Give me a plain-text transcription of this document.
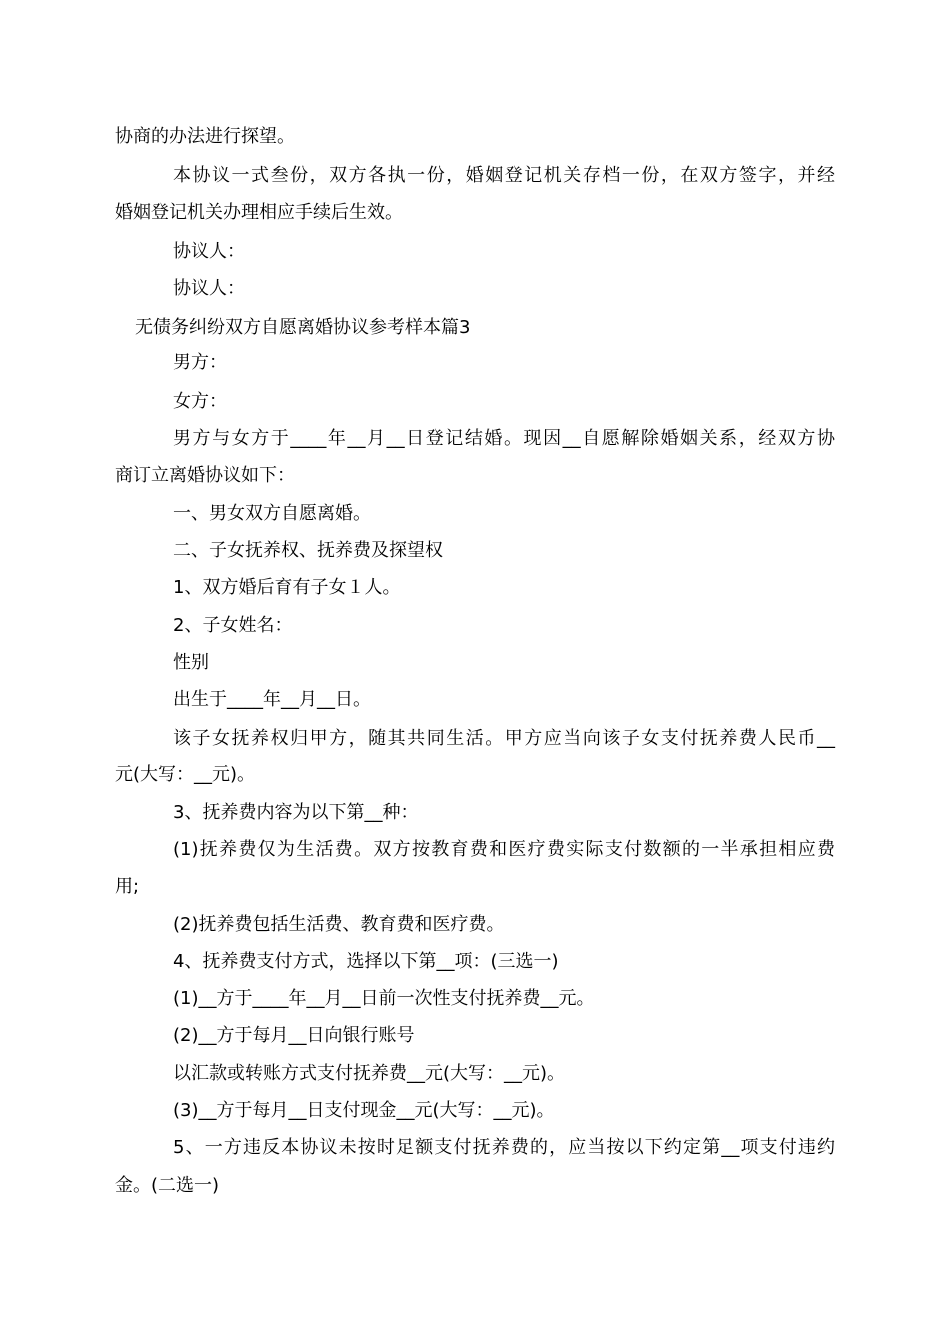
协商的办法进行探望。
本协议一式叁份，双方各执一份，婚姻登记机关存档一份，在双方签字，并经
婚姻登记机关办理相应手续后生效。
协议人：
协议人：
无债务纠纷双方自愿离婚协议参考样本篇3
男方：
女方：
男方与女方于____年__月__日登记结婚。现因__自愿解除婚姻关系，经双方协
商订立离婚协议如下：
一、男女双方自愿离婚。
二、子女抚养权、抚养费及探望权
1、双方婚后育有子女１人。
2、子女姓名：
性别
出生于____年__月__日。
该子女抚养权归甲方，随其共同生活。甲方应当向该子女支付抚养费人民币__
元(大写：__元)。
3、抚养费内容为以下第__种：
(1)抚养费仅为生活费。双方按教育费和医疗费实际支付数额的一半承担相应费
用;
(2)抚养费包括生活费、教育费和医疗费。
4、抚养费支付方式，选择以下第__项：(三选一)
(1)__方于____年__月__日前一次性支付抚养费__元。
(2)__方于每月__日向银行账号
以汇款或转账方式支付抚养费__元(大写：__元)。
(3)__方于每月__日支付现金__元(大写：__元)。
5、一方违反本协议未按时足额支付抚养费的，应当按以下约定第__项支付违约
金。(二选一)
